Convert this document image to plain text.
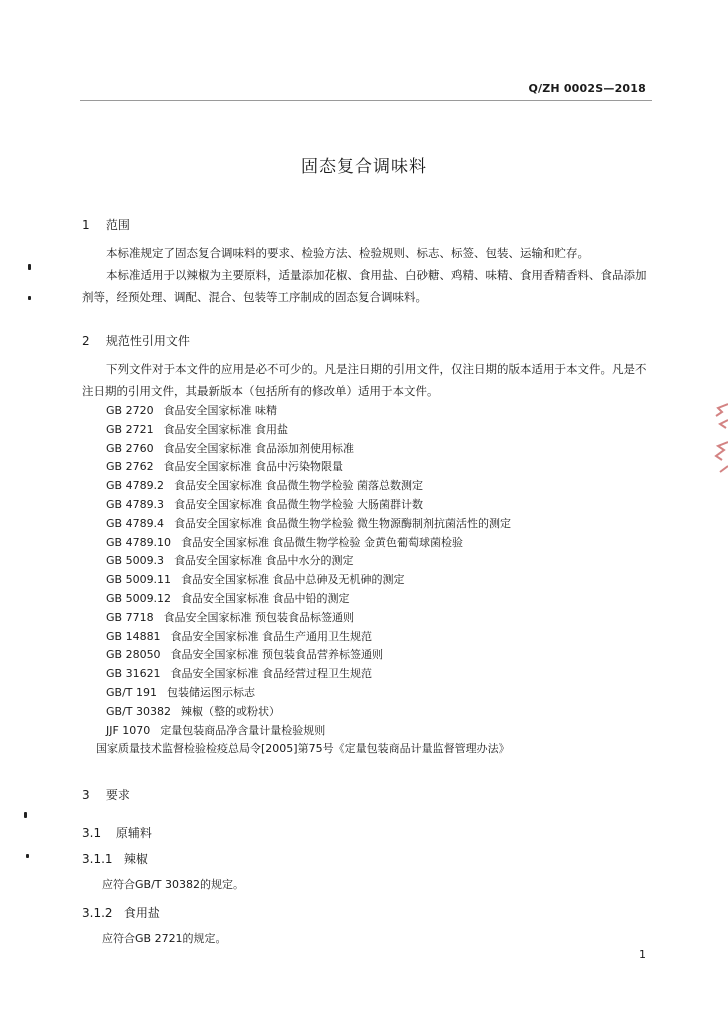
Q/ZH 0002S—2018
固态复合调味料
1 范围
本标准规定了固态复合调味料的要求、检验方法、检验规则、标志、标签、包装、运输和贮存。
本标准适用于以辣椒为主要原料，适量添加花椒、食用盐、白砂糖、鸡精、味精、食用香精香料、食品添加剂等，经预处理、调配、混合、包装等工序制成的固态复合调味料。
2 规范性引用文件
下列文件对于本文件的应用是必不可少的。凡是注日期的引用文件，仅注日期的版本适用于本文件。凡是不注日期的引用文件，其最新版本（包括所有的修改单）适用于本文件。
GB 2720 食品安全国家标准 味精
GB 2721 食品安全国家标准 食用盐
GB 2760 食品安全国家标准 食品添加剂使用标准
GB 2762 食品安全国家标准 食品中污染物限量
GB 4789.2 食品安全国家标准 食品微生物学检验 菌落总数测定
GB 4789.3 食品安全国家标准 食品微生物学检验 大肠菌群计数
GB 4789.4 食品安全国家标准 食品微生物学检验 微生物源酶制剂抗菌活性的测定
GB 4789.10 食品安全国家标准 食品微生物学检验 金黄色葡萄球菌检验
GB 5009.3 食品安全国家标准 食品中水分的测定
GB 5009.11 食品安全国家标准 食品中总砷及无机砷的测定
GB 5009.12 食品安全国家标准 食品中铅的测定
GB 7718 食品安全国家标准 预包装食品标签通则
GB 14881 食品安全国家标准 食品生产通用卫生规范
GB 28050 食品安全国家标准 预包装食品营养标签通则
GB 31621 食品安全国家标准 食品经营过程卫生规范
GB/T 191 包装储运图示标志
GB/T 30382 辣椒（整的或粉状）
JJF 1070 定量包装商品净含量计量检验规则
国家质量技术监督检验检疫总局令[2005]第75号《定量包装商品计量监督管理办法》
3 要求
3.1 原辅料
3.1.1 辣椒
应符合GB/T 30382的规定。
3.1.2 食用盐
应符合GB 2721的规定。
1
